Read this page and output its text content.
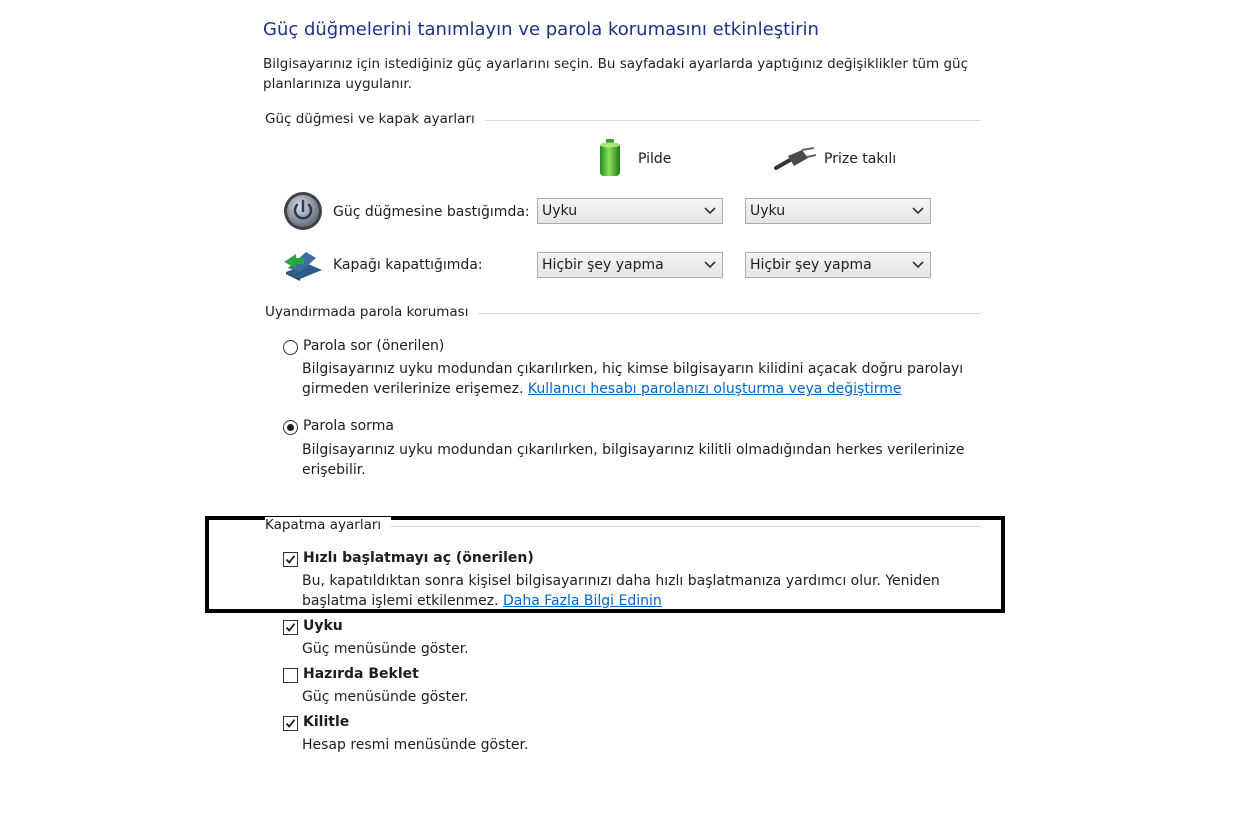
Güç düğmelerini tanımlayın ve parola korumasını etkinleştirin
Bilgisayarınız için istediğiniz güç ayarlarını seçin. Bu sayfadaki ayarlarda yaptığınız değişiklikler tüm güç planlarınıza uygulanır.
Güç düğmesi ve kapak ayarları
Pilde	Prize takılı
Güç düğmesine bastığımda: Uyku	Uyku
Kapağı kapattığımda:	Hiçbir şey yapma	Hiçbir şey yapma
Uyandırmada parola koruması
Parola sor (önerilen)
Bilgisayarınız uyku modundan çıkarılırken, hiç kimse bilgisayarın kilidini açacak doğru parolayı girmeden verilerinize erişemez. Kullanıcı hesabı parolanızı oluşturma veya değiştirme
Parola sorma
Bilgisayarınız uyku modundan çıkarılırken, bilgisayarınız kilitli olmadığından herkes verilerinize erişebilir.
Kapatma ayarları
Hızlı başlatmayı aç (önerilen)
Bu, kapatıldıktan sonra kişisel bilgisayarınızı daha hızlı başlatmanıza yardımcı olur. Yeniden başlatma işlemi etkilenmez. Daha Fazla Bilgi Edinin
Uyku
Güç menüsünde göster.
Hazırda Beklet
Güç menüsünde göster.
Kilitle
Hesap resmi menüsünde göster.
